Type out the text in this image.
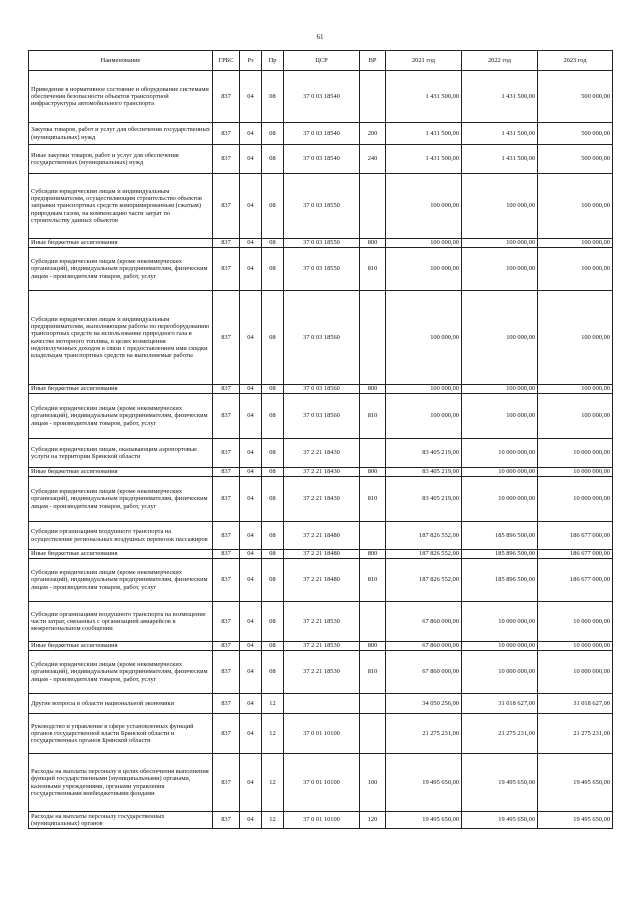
61
Наименование	ГРБС	Рз	Пр	ЦСР	ВР	2021 год	2022 год	2023 год
Приведение в нормативное состояние и оборудование системами обеспечения безопасности объектов транспортной инфраструктуры автомобильного транспорта	837	04	08	37 0 03 18540		1 431 500,00	1 431 500,00	500 000,00
Закупка товаров, работ и услуг для обеспечения государственных (муниципальных) нужд	837	04	08	37 0 03 18540	200	1 431 500,00	1 431 500,00	500 000,00
Иные закупки товаров, работ и услуг для обеспечения государственных (муниципальных) нужд	837	04	08	37 0 03 18540	240	1 431 500,00	1 431 500,00	500 000,00
Субсидии юридическим лицам и индивидуальным предпринимателям, осуществляющим строительство объектов заправки транспортных средств компримированным (сжатым) природным газом, на компенсацию части затрат по строительству данных объектов	837	04	08	37 0 03 18550		100 000,00	100 000,00	100 000,00
Иные бюджетные ассигнования	837	04	08	37 0 03 18550	800	100 000,00	100 000,00	100 000,00
Субсидии юридическим лицам (кроме некоммерческих организаций), индивидуальным предпринимателям, физическим лицам - производителям товаров, работ, услуг	837	04	08	37 0 03 18550	810	100 000,00	100 000,00	100 000,00
Субсидии юридическим лицам и индивидуальным предпринимателям, выполняющим работы по переоборудованию транспортных средств на использование природного газа в качестве моторного топлива, в целях возмещения недополученных доходов в связи с предоставлением ими скидки владельцам транспортных средств на выполняемые работы	837	04	08	37 0 03 18560		100 000,00	100 000,00	100 000,00
Иные бюджетные ассигнования	837	04	08	37 0 03 18560	800	100 000,00	100 000,00	100 000,00
Субсидии юридическим лицам (кроме некоммерческих организаций), индивидуальным предпринимателям, физическим лицам - производителям товаров, работ, услуг	837	04	08	37 0 03 18560	810	100 000,00	100 000,00	100 000,00
Субсидии юридическим лицам, оказывающим аэропортовые услуги на территории Брянской области	837	04	08	37 2 21 18430		83 405 219,00	10 000 000,00	10 000 000,00
Иные бюджетные ассигнования	837	04	08	37 2 21 18430	800	83 405 219,00	10 000 000,00	10 000 000,00
Субсидии юридическим лицам (кроме некоммерческих организаций), индивидуальным предпринимателям, физическим лицам - производителям товаров, работ, услуг	837	04	08	37 2 21 18430	810	83 405 219,00	10 000 000,00	10 000 000,00
Субсидии организациям воздушного транспорта на осуществление региональных воздушных перевозок пассажиров	837	04	08	37 2 21 18480		187 826 552,00	185 896 500,00	186 677 000,00
Иные бюджетные ассигнования	837	04	08	37 2 21 18480	800	187 826 552,00	185 896 500,00	186 677 000,00
Субсидии юридическим лицам (кроме некоммерческих организаций), индивидуальным предпринимателям, физическим лицам - производителям товаров, работ, услуг	837	04	08	37 2 21 18480	810	187 826 552,00	185 896 500,00	186 677 000,00
Субсидии организациям воздушного транспорта на возмещение части затрат, связанных с организацией авиарейсов в межрегиональном сообщении	837	04	08	37 2 21 18530		67 860 000,00	10 000 000,00	10 000 000,00
Иные бюджетные ассигнования	837	04	08	37 2 21 18530	800	67 860 000,00	10 000 000,00	10 000 000,00
Субсидии юридическим лицам (кроме некоммерческих организаций), индивидуальным предпринимателям, физическим лицам - производителям товаров, работ, услуг	837	04	08	37 2 21 18530	810	67 860 000,00	10 000 000,00	10 000 000,00
Другие вопросы в области национальной экономики	837	04	12			34 050 256,00	31 018 627,00	31 018 627,00
Руководство и управление в сфере установленных функций органов государственной власти Брянской области и государственных органов Брянской области	837	04	12	37 0 01 10100		21 275 231,00	21 275 231,00	21 275 231,00
Расходы на выплаты персоналу в целях обеспечения выполнения функций государственными (муниципальными) органами, казенными учреждениями, органами управления государственными внебюджетными фондами	837	04	12	37 0 01 10100	100	19 495 650,00	19 495 650,00	19 495 650,00
Расходы на выплаты персоналу государственных (муниципальных) органов	837	04	12	37 0 01 10100	120	19 495 650,00	19 495 650,00	19 495 650,00
